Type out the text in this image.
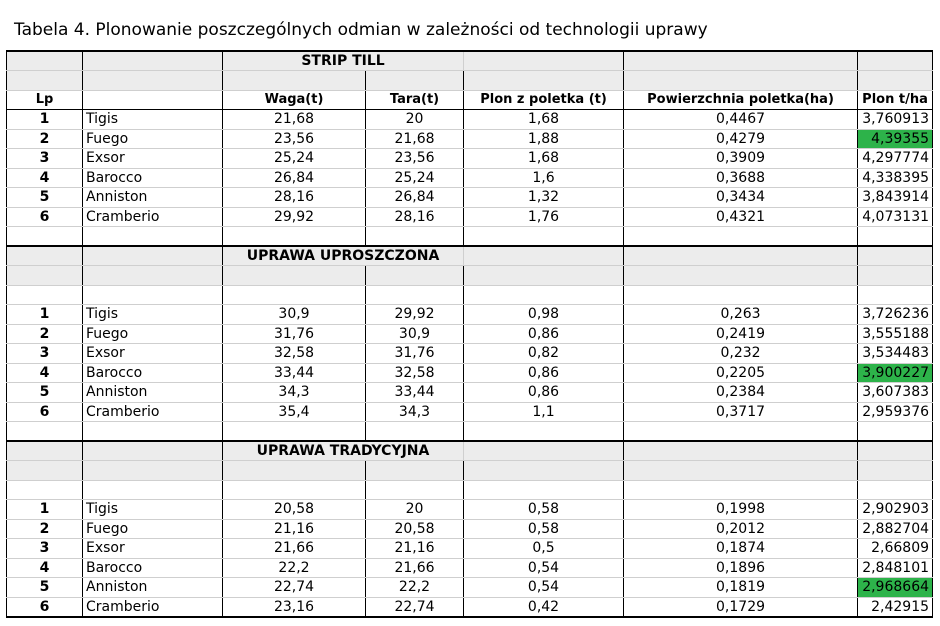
Tabela 4. Plonowanie poszczególnych odmian w zależności od technologii uprawy
		STRIP TILL				

Lp		Waga(t)	Tara(t)	Plon z poletka (t)	Powierzchnia poletka(ha)	Plon t/ha
1	Tigis	21,68	20	1,68	0,4467	3,760913
2	Fuego	23,56	21,68	1,88	0,4279	4,39355
3	Exsor	25,24	23,56	1,68	0,3909	4,297774
4	Barocco	26,84	25,24	1,6	0,3688	4,338395
5	Anniston	28,16	26,84	1,32	0,3434	3,843914
6	Cramberio	29,92	28,16	1,76	0,4321	4,073131

		UPRAWA UPROSZCZONA				

1	Tigis	30,9	29,92	0,98	0,263	3,726236
2	Fuego	31,76	30,9	0,86	0,2419	3,555188
3	Exsor	32,58	31,76	0,82	0,232	3,534483
4	Barocco	33,44	32,58	0,86	0,2205	3,900227
5	Anniston	34,3	33,44	0,86	0,2384	3,607383
6	Cramberio	35,4	34,3	1,1	0,3717	2,959376

		UPRAWA TRADYCYJNA				

1	Tigis	20,58	20	0,58	0,1998	2,902903
2	Fuego	21,16	20,58	0,58	0,2012	2,882704
3	Exsor	21,66	21,16	0,5	0,1874	2,66809
4	Barocco	22,2	21,66	0,54	0,1896	2,848101
5	Anniston	22,74	22,2	0,54	0,1819	2,968664
6	Cramberio	23,16	22,74	0,42	0,1729	2,42915
